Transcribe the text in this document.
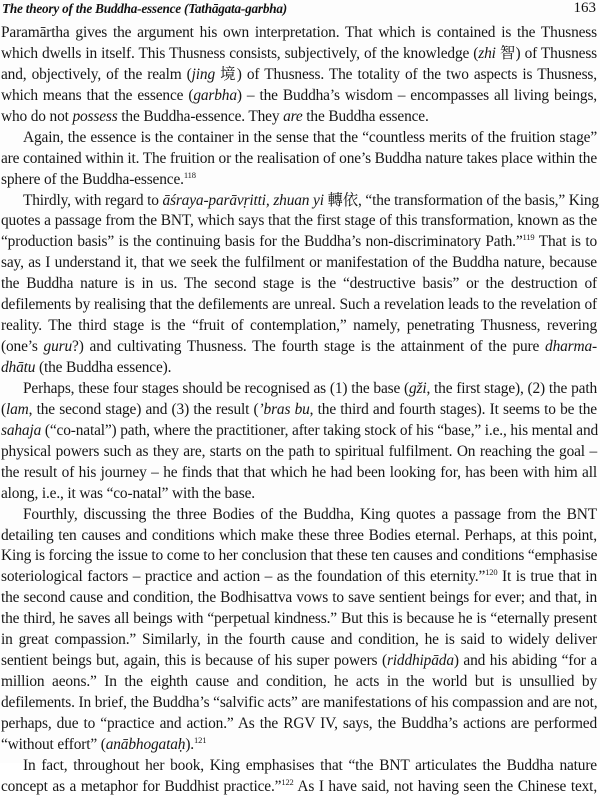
The theory of the Buddha-essence (Tathāgata-garbha)	163
Paramārtha gives the argument his own interpretation. That which is contained is the Thusness
which dwells in itself. This Thusness consists, subjectively, of the knowledge (zhi 智) of Thusness
and, objectively, of the realm (jing 境) of Thusness. The totality of the two aspects is Thusness,
which means that the essence (garbha) – the Buddha’s wisdom – encompasses all living beings,
who do not possess the Buddha-essence. They are the Buddha essence.
Again, the essence is the container in the sense that the “countless merits of the fruition stage”
are contained within it. The fruition or the realisation of one’s Buddha nature takes place within the
sphere of the Buddha-essence.$^{118}$
Thirdly, with regard to āśraya-parāvṛitti, zhuan yi 轉依, “the transformation of the basis,” King
quotes a passage from the BNT, which says that the first stage of this transformation, known as the
“production basis” is the continuing basis for the Buddha’s non-discriminatory Path.”$^{119}$ That is to
say, as I understand it, that we seek the fulfilment or manifestation of the Buddha nature, because
the Buddha nature is in us. The second stage is the “destructive basis” or the destruction of
defilements by realising that the defilements are unreal. Such a revelation leads to the revelation of
reality. The third stage is the “fruit of contemplation,” namely, penetrating Thusness, revering
(one’s guru?) and cultivating Thusness. The fourth stage is the attainment of the pure dharma-
dhātu (the Buddha essence).
Perhaps, these four stages should be recognised as (1) the base (gži, the first stage), (2) the path
(lam, the second stage) and (3) the result (’bras bu, the third and fourth stages). It seems to be the
sahaja (“co-natal”) path, where the practitioner, after taking stock of his “base,” i.e., his mental and
physical powers such as they are, starts on the path to spiritual fulfilment. On reaching the goal –
the result of his journey – he finds that that which he had been looking for, has been with him all
along, i.e., it was “co-natal” with the base.
Fourthly, discussing the three Bodies of the Buddha, King quotes a passage from the BNT
detailing ten causes and conditions which make these three Bodies eternal. Perhaps, at this point,
King is forcing the issue to come to her conclusion that these ten causes and conditions “emphasise
soteriological factors – practice and action – as the foundation of this eternity.”$^{120}$ It is true that in
the second cause and condition, the Bodhisattva vows to save sentient beings for ever; and that, in
the third, he saves all beings with “perpetual kindness.” But this is because he is “eternally present
in great compassion.” Similarly, in the fourth cause and condition, he is said to widely deliver
sentient beings but, again, this is because of his super powers (riddhipāda) and his abiding “for a
million aeons.” In the eighth cause and condition, he acts in the world but is unsullied by
defilements. In brief, the Buddha’s “salvific acts” are manifestations of his compassion and are not,
perhaps, due to “practice and action.” As the RGV IV, says, the Buddha’s actions are performed
“without effort” (anābhogataḥ).$^{121}$
In fact, throughout her book, King emphasises that “the BNT articulates the Buddha nature
concept as a metaphor for Buddhist practice.”$^{122}$ As I have said, not having seen the Chinese text,
